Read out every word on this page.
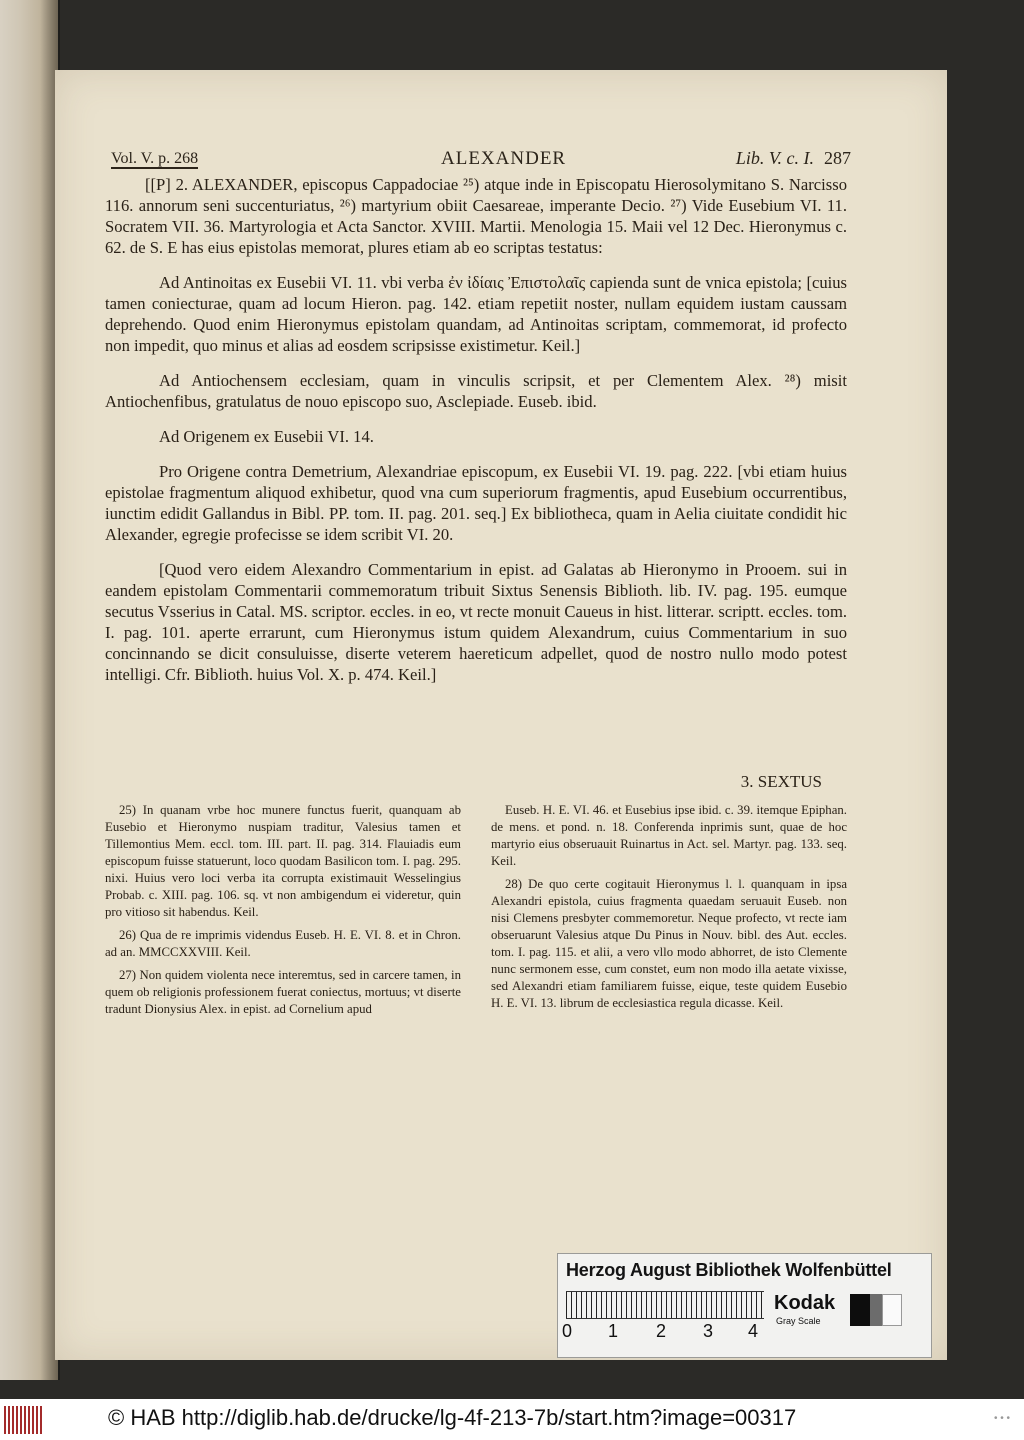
Vol. V. p. 268	ALEXANDER	Lib. V. c. I. 287

[[P] 2. ALEXANDER, episcopus Cappadociae ²⁵) atque inde in Episcopatu Hierosolymitano S. Narcisso 116. annorum seni succenturiatus, ²⁶) martyrium obiit Caesareae, imperante Decio. ²⁷) Vide Eusebium VI. 11. Socratem VII. 36. Martyrologia et Acta Sanctor. XVIII. Martii. Menologia 15. Maii vel 12 Dec. Hieronymus c. 62. de S. E has eius epistolas memorat, plures etiam ab eo scriptas testatus:

Ad Antinoitas ex Eusebii VI. 11. vbi verba ἐν ἰδίαις Ἐπιστολαῖς capienda sunt de vnica epistola; [cuius tamen coniecturae, quam ad locum Hieron. pag. 142. etiam repetiit noster, nullam equidem iustam caussam deprehendo. Quod enim Hieronymus epistolam quandam, ad Antinoitas scriptam, commemorat, id profecto non impedit, quo minus et alias ad eosdem scripsisse existimetur. Keil.]

Ad Antiochensem ecclesiam, quam in vinculis scripsit, et per Clementem Alex. ²⁸) misit Antiochenfibus, gratulatus de nouo episcopo suo, Asclepiade. Euseb. ibid.

Ad Origenem ex Eusebii VI. 14.

Pro Origene contra Demetrium, Alexandriae episcopum, ex Eusebii VI. 19. pag. 222. [vbi etiam huius epistolae fragmentum aliquod exhibetur, quod vna cum superiorum fragmentis, apud Eusebium occurrentibus, iunctim edidit Gallandus in Bibl. PP. tom. II. pag. 201. seq.] Ex bibliotheca, quam in Aelia ciuitate condidit hic Alexander, egregie profecisse se idem scribit VI. 20.

[Quod vero eidem Alexandro Commentarium in epist. ad Galatas ab Hieronymo in Prooem. sui in eandem epistolam Commentarii commemoratum tribuit Sixtus Senensis Biblioth. lib. IV. pag. 195. eumque secutus Vsserius in Catal. MS. scriptor. eccles. in eo, vt recte monuit Caueus in hist. litterar. scriptt. eccles. tom. I. pag. 101. aperte errarunt, cum Hieronymus istum quidem Alexandrum, cuius Commentarium in suo concinnando se dicit consuluisse, diserte veterem haereticum adpellet, quod de nostro nullo modo potest intelligi. Cfr. Biblioth. huius Vol. X. p. 474. Keil.]

3. SEXTUS

25) In quanam vrbe hoc munere functus fuerit, quanquam ab Eusebio et Hieronymo nuspiam traditur, Valesius tamen et Tillemontius Mem. eccl. tom. III. part. II. pag. 314. Flauiadis eum episcopum fuisse statuerunt, loco quodam Basilicon tom. I. pag. 295. nixi. Huius vero loci verba ita corrupta existimauit Wesselingius Probab. c. XIII. pag. 106. sq. vt non ambigendum ei videretur, quin pro vitioso sit habendus. Keil.

26) Qua de re imprimis videndus Euseb. H. E. VI. 8. et in Chron. ad an. MMCCXXVIII. Keil.

27) Non quidem violenta nece interemtus, sed in carcere tamen, in quem ob religionis professionem fuerat coniectus, mortuus; vt diserte tradunt Dionysius Alex. in epist. ad Cornelium apud

Euseb. H. E. VI. 46. et Eusebius ipse ibid. c. 39. itemque Epiphan. de mens. et pond. n. 18. Conferenda inprimis sunt, quae de hoc martyrio eius obseruauit Ruinartus in Act. sel. Martyr. pag. 133. seq. Keil.

28) De quo certe cogitauit Hieronymus l. l. quanquam in ipsa Alexandri epistola, cuius fragmenta quaedam seruauit Euseb. non nisi Clemens presbyter commemoretur. Neque profecto, vt recte iam obseruarunt Valesius atque Du Pinus in Nouv. bibl. des Aut. eccles. tom. I. pag. 115. et alii, a vero vllo modo abhorret, de isto Clemente nunc sermonem esse, cum constet, eum non modo illa aetate vixisse, sed Alexandri etiam familiarem fuisse, eique, teste quidem Eusebio H. E. VI. 13. librum de ecclesiastica regula dicasse. Keil.

Herzog August Bibliothek Wolfenbüttel
0 1 2 3 4
Kodak
Gray Scale
© HAB http://diglib.hab.de/drucke/lg-4f-213-7b/start.htm?image=00317	• • •
